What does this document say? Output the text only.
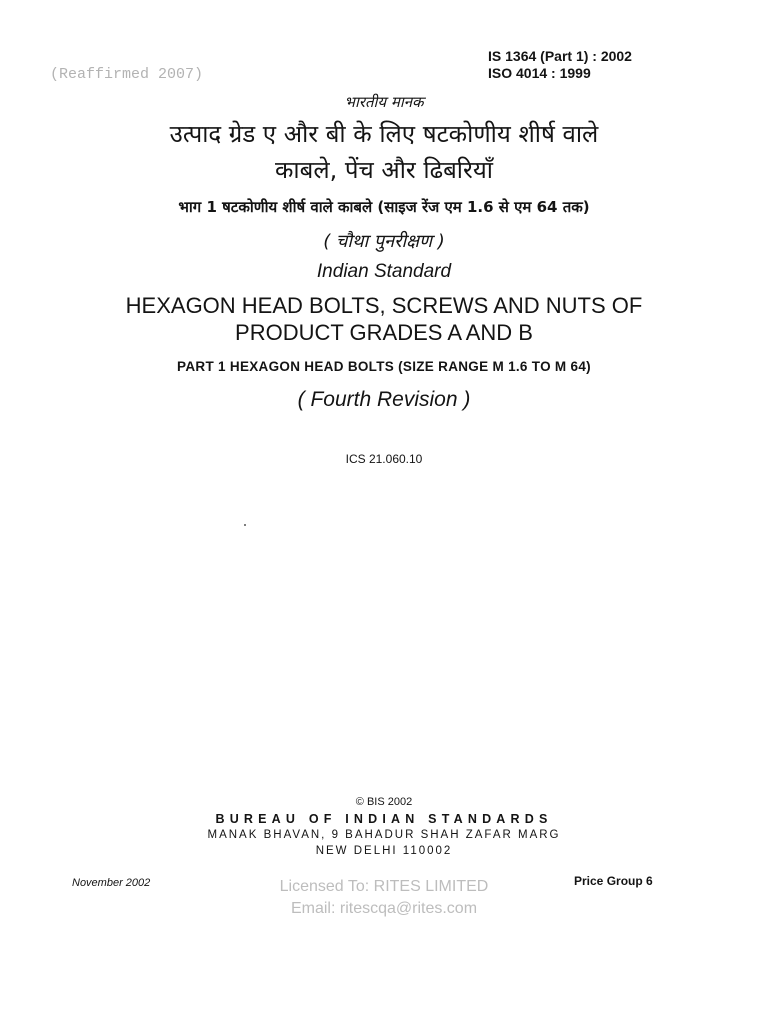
(Reaffirmed 2007)
IS 1364 (Part 1) : 2002
ISO 4014 : 1999
भारतीय मानक
उत्पाद ग्रेड ए और बी के लिए षटकोणीय शीर्ष वाले
काबले, पेंच और ढिबरियाँ
भाग 1 षटकोणीय शीर्ष वाले काबले (साइज रेंज एम 1.6 से एम 64 तक)
( चौथा पुनरीक्षण )
Indian Standard
HEXAGON HEAD BOLTS, SCREWS AND NUTS OF
PRODUCT GRADES A AND B
PART 1 HEXAGON HEAD BOLTS (SIZE RANGE M 1.6 TO M 64)
( Fourth Revision )
ICS 21.060.10
© BIS 2002
BUREAU OF INDIAN STANDARDS
MANAK BHAVAN, 9 BAHADUR SHAH ZAFAR MARG
NEW DELHI 110002
November 2002	Price Group 6
Licensed To: RITES LIMITED
Email: ritescqa@rites.com
